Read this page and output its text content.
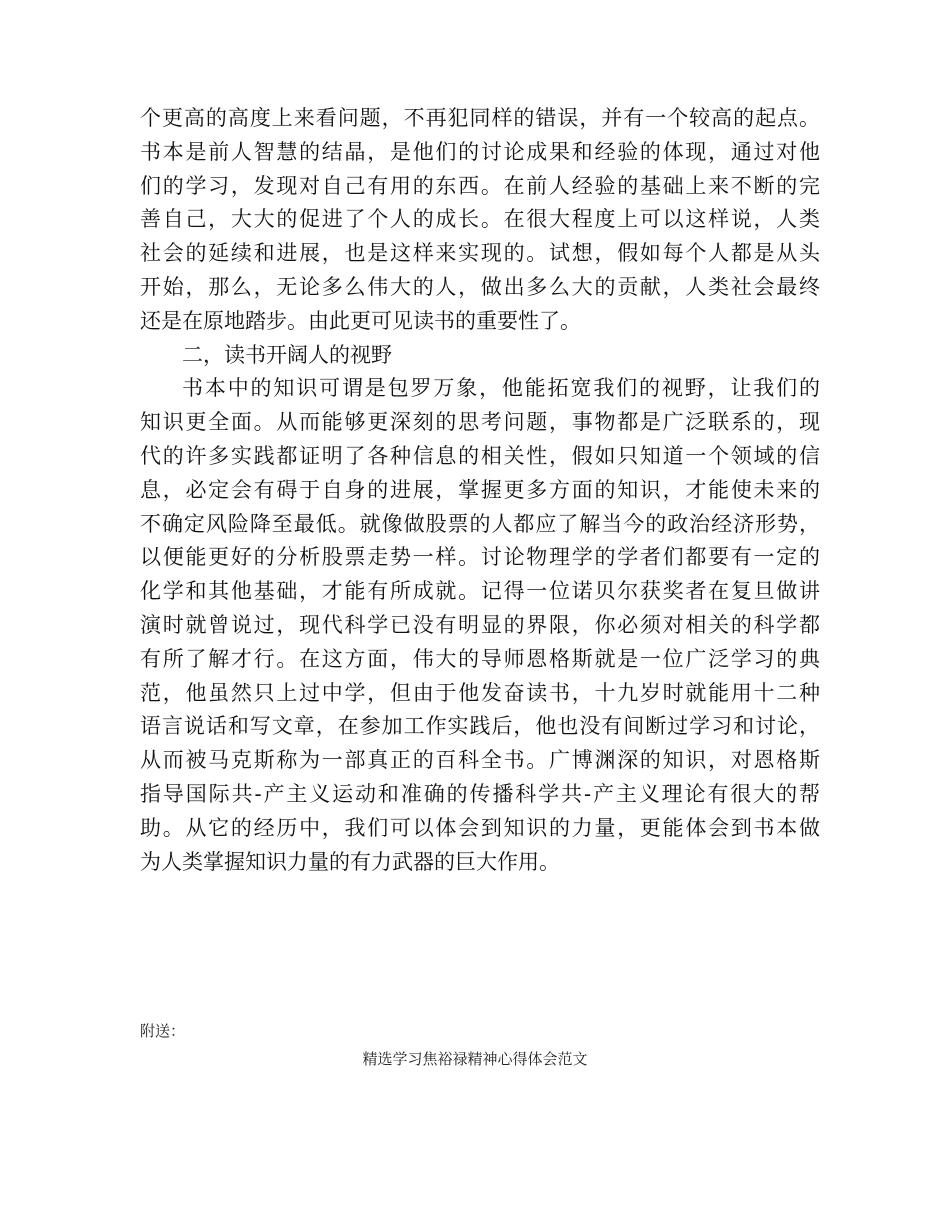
个更高的高度上来看问题，不再犯同样的错误，并有一个较高的起点。
书本是前人智慧的结晶，是他们的讨论成果和经验的体现，通过对他
们的学习，发现对自己有用的东西。在前人经验的基础上来不断的完
善自己，大大的促进了个人的成长。在很大程度上可以这样说，人类
社会的延续和进展，也是这样来实现的。试想，假如每个人都是从头
开始，那么，无论多么伟大的人，做出多么大的贡献，人类社会最终
还是在原地踏步。由此更可见读书的重要性了。
二，读书开阔人的视野
书本中的知识可谓是包罗万象，他能拓宽我们的视野，让我们的
知识更全面。从而能够更深刻的思考问题，事物都是广泛联系的，现
代的许多实践都证明了各种信息的相关性，假如只知道一个领域的信
息，必定会有碍于自身的进展，掌握更多方面的知识，才能使未来的
不确定风险降至最低。就像做股票的人都应了解当今的政治经济形势，
以便能更好的分析股票走势一样。讨论物理学的学者们都要有一定的
化学和其他基础，才能有所成就。记得一位诺贝尔获奖者在复旦做讲
演时就曾说过，现代科学已没有明显的界限，你必须对相关的科学都
有所了解才行。在这方面，伟大的导师恩格斯就是一位广泛学习的典
范，他虽然只上过中学，但由于他发奋读书，十九岁时就能用十二种
语言说话和写文章，在参加工作实践后，他也没有间断过学习和讨论，
从而被马克斯称为一部真正的百科全书。广博渊深的知识，对恩格斯
指导国际共-产主义运动和准确的传播科学共-产主义理论有很大的帮
助。从它的经历中，我们可以体会到知识的力量，更能体会到书本做
为人类掌握知识力量的有力武器的巨大作用。

附送：

精选学习焦裕禄精神心得体会范文
